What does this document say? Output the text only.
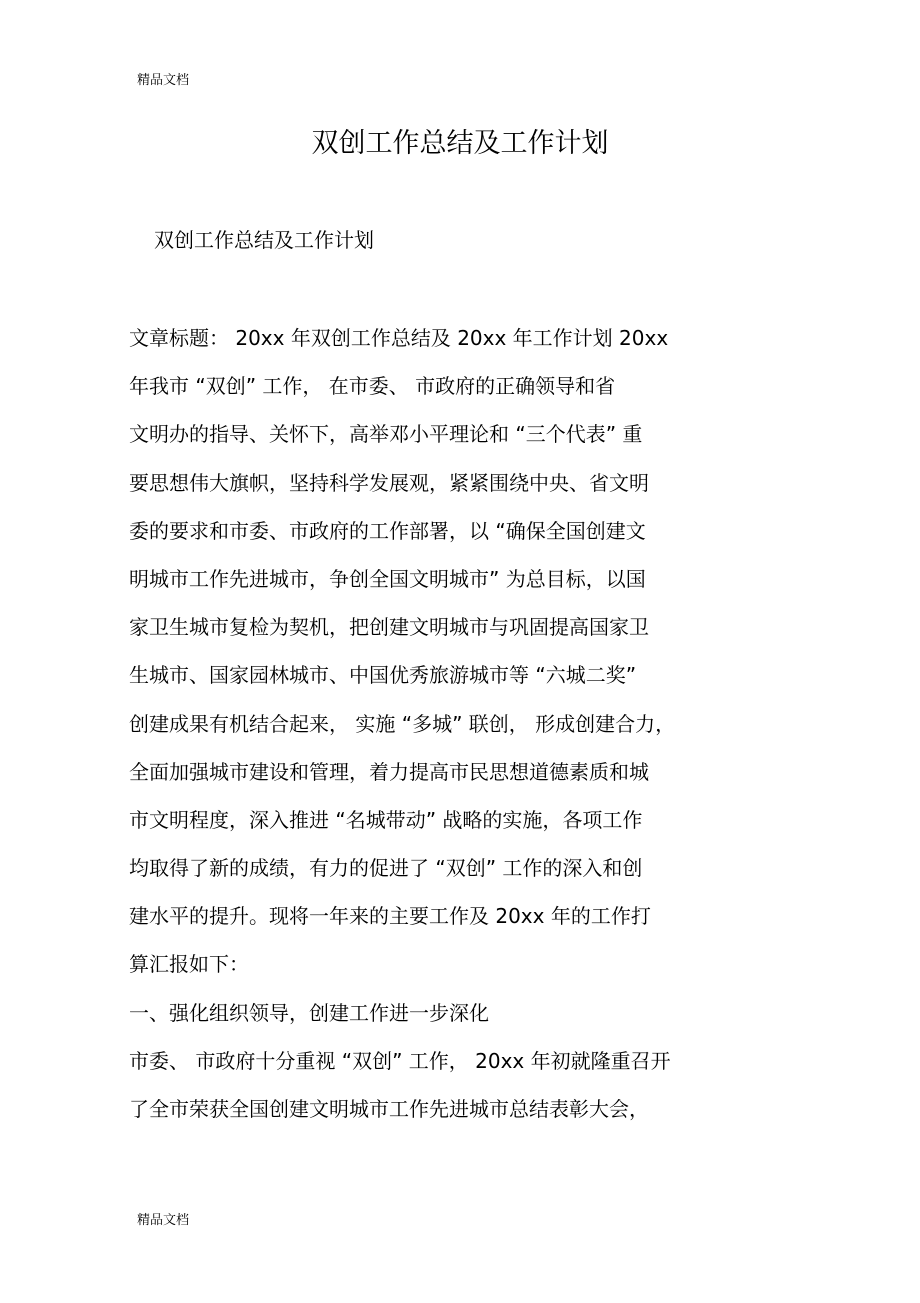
精品文档
双创工作总结及工作计划
双创工作总结及工作计划
文章标题： 20xx 年双创工作总结及 20xx 年工作计划 20xx
年我市 “双创” 工作， 在市委、 市政府的正确领导和省
文明办的指导、关怀下，高举邓小平理论和 “三个代表” 重
要思想伟大旗帜，坚持科学发展观，紧紧围绕中央、省文明
委的要求和市委、市政府的工作部署，以 “确保全国创建文
明城市工作先进城市，争创全国文明城市” 为总目标，以国
家卫生城市复检为契机，把创建文明城市与巩固提高国家卫
生城市、国家园林城市、中国优秀旅游城市等 “六城二奖”
创建成果有机结合起来， 实施 “多城” 联创， 形成创建合力，
全面加强城市建设和管理，着力提高市民思想道德素质和城
市文明程度，深入推进 “名城带动” 战略的实施，各项工作
均取得了新的成绩，有力的促进了 “双创” 工作的深入和创
建水平的提升。现将一年来的主要工作及 20xx 年的工作打
算汇报如下：
一、强化组织领导，创建工作进一步深化
市委、 市政府十分重视 “双创” 工作， 20xx 年初就隆重召开
了全市荣获全国创建文明城市工作先进城市总结表彰大会，
精品文档
